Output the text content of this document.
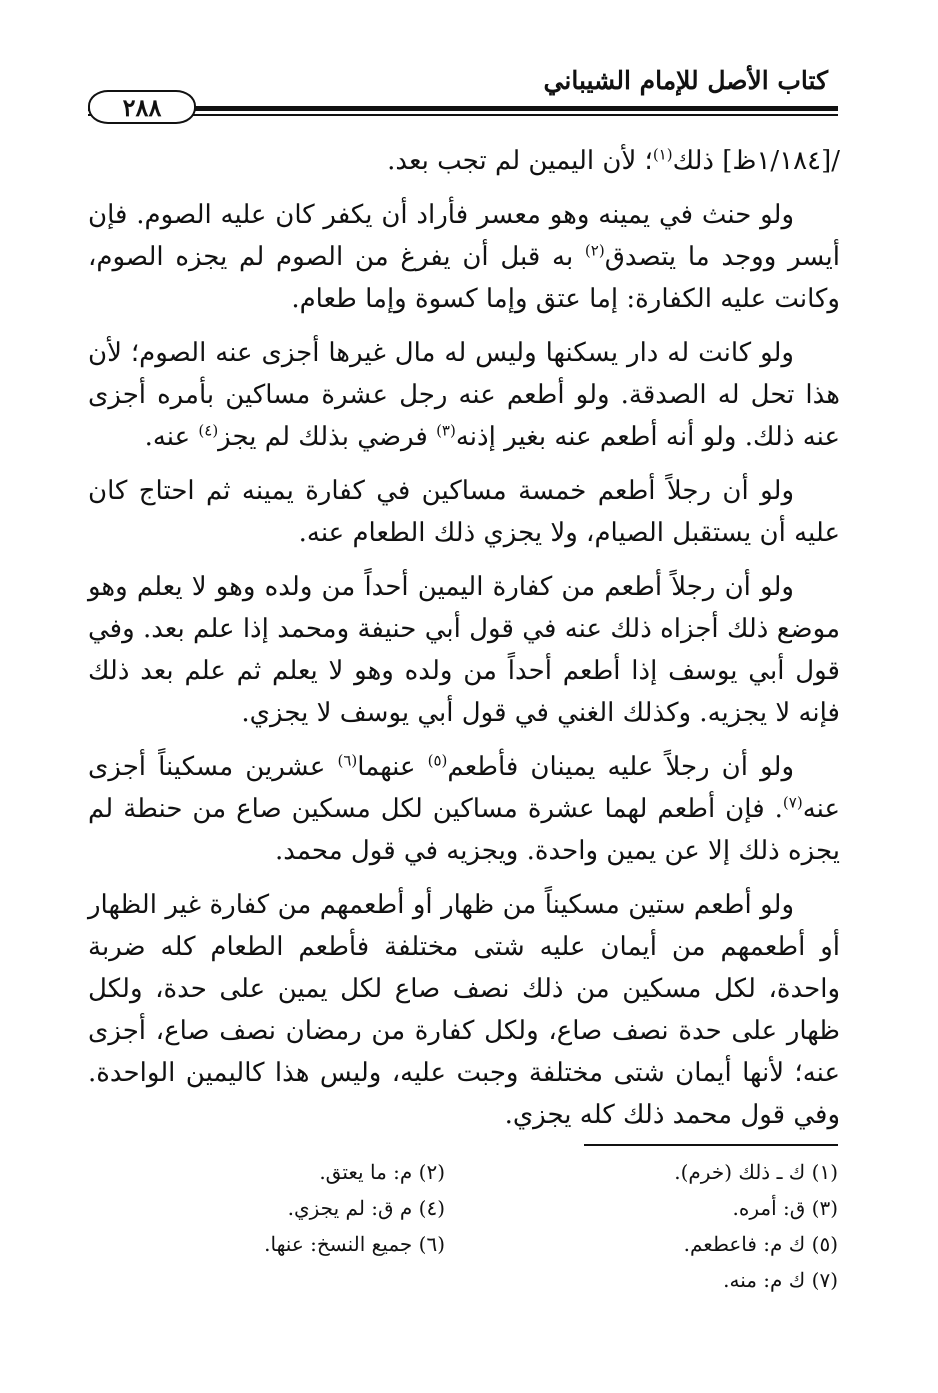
كتاب الأصل للإمام الشيباني
٢٨٨

/[١/١٨٤ظ] ذلك$^{(١)}$؛ لأن اليمين لم تجب بعد.

ولو حنث في يمينه وهو معسر فأراد أن يكفر كان عليه الصوم. فإن أيسر ووجد ما يتصدق$^{(٢)}$ به قبل أن يفرغ من الصوم لم يجزه الصوم، وكانت عليه الكفارة: إما عتق وإما كسوة وإما طعام.

ولو كانت له دار يسكنها وليس له مال غيرها أجزى عنه الصوم؛ لأن هذا تحل له الصدقة. ولو أطعم عنه رجل عشرة مساكين بأمره أجزى عنه ذلك. ولو أنه أطعم عنه بغير إذنه$^{(٣)}$ فرضي بذلك لم يجز$^{(٤)}$ عنه.

ولو أن رجلاً أطعم خمسة مساكين في كفارة يمينه ثم احتاج كان عليه أن يستقبل الصيام، ولا يجزي ذلك الطعام عنه.

ولو أن رجلاً أطعم من كفارة اليمين أحداً من ولده وهو لا يعلم وهو موضع ذلك أجزاه ذلك عنه في قول أبي حنيفة ومحمد إذا علم بعد. وفي قول أبي يوسف إذا أطعم أحداً من ولده وهو لا يعلم ثم علم بعد ذلك فإنه لا يجزيه. وكذلك الغني في قول أبي يوسف لا يجزي.

ولو أن رجلاً عليه يمينان فأطعم$^{(٥)}$ عنهما$^{(٦)}$ عشرين مسكيناً أجزى عنه$^{(٧)}$. فإن أطعم لهما عشرة مساكين لكل مسكين صاع من حنطة لم يجزه ذلك إلا عن يمين واحدة. ويجزيه في قول محمد.

ولو أطعم ستين مسكيناً من ظهار أو أطعمهم من كفارة غير الظهار أو أطعمهم من أيمان عليه شتى مختلفة فأطعم الطعام كله ضربة واحدة، لكل مسكين من ذلك نصف صاع لكل يمين على حدة، ولكل ظهار على حدة نصف صاع، ولكل كفارة من رمضان نصف صاع، أجزى عنه؛ لأنها أيمان شتى مختلفة وجبت عليه، وليس هذا كاليمين الواحدة. وفي قول محمد ذلك كله يجزي.

(١) ك ـ ذلك (خرم).
(٢) م: ما يعتق.
(٣) ق: أمره.
(٤) م ق: لم يجزي.
(٥) ك م: فاعطعم.
(٦) جميع النسخ: عنها.
(٧) ك م: منه.
